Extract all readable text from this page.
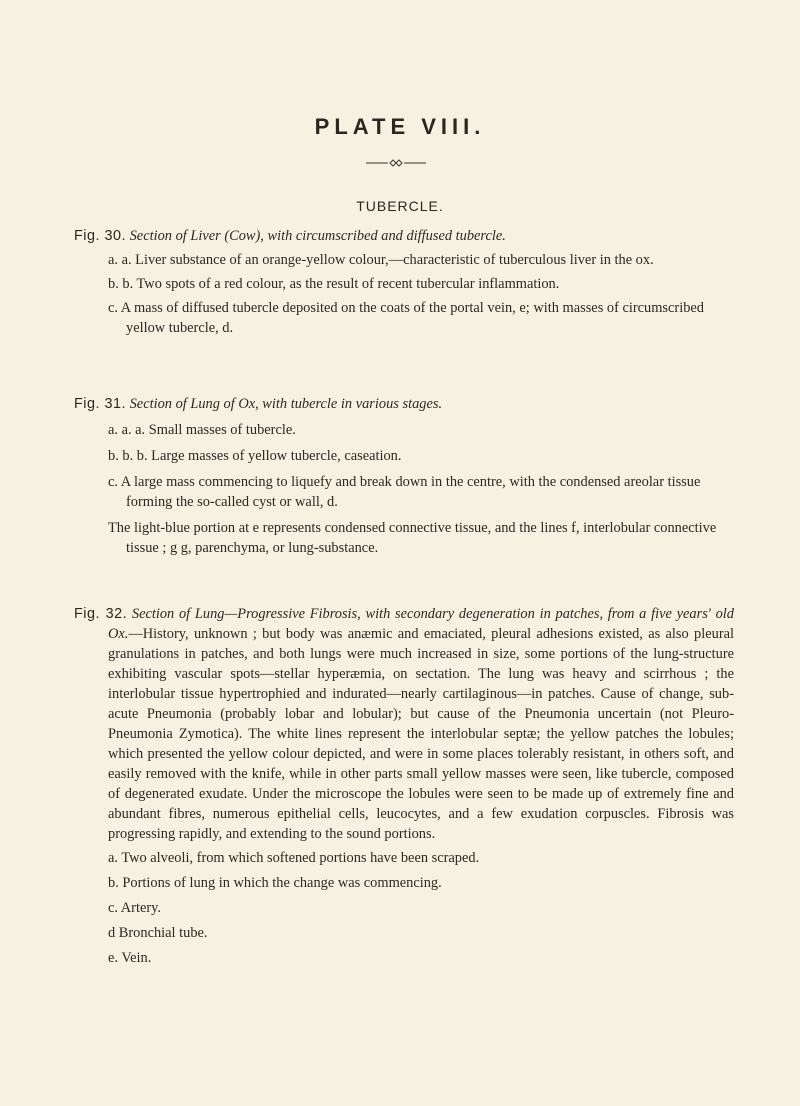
PLATE VIII.
TUBERCLE.
Fig. 30. Section of Liver (Cow), with circumscribed and diffused tubercle.
a. a. Liver substance of an orange-yellow colour,—characteristic of tuberculous liver in the ox.
b. b. Two spots of a red colour, as the result of recent tubercular inflammation.
c. A mass of diffused tubercle deposited on the coats of the portal vein, e; with masses of circumscribed yellow tubercle, d.
Fig. 31. Section of Lung of Ox, with tubercle in various stages.
a. a. a. Small masses of tubercle.
b. b. b. Large masses of yellow tubercle, caseation.
c. A large mass commencing to liquefy and break down in the centre, with the condensed areolar tissue forming the so-called cyst or wall, d.
The light-blue portion at e represents condensed connective tissue, and the lines f, interlobular connective tissue ; g g, parenchyma, or lung-substance.
Fig. 32. Section of Lung—Progressive Fibrosis, with secondary degeneration in patches, from a five years' old Ox.—History, unknown ; but body was anæmic and emaciated, pleural adhesions existed, as also pleural granulations in patches, and both lungs were much increased in size, some portions of the lung-structure exhibiting vascular spots—stellar hyperæmia, on sectation. The lung was heavy and scirrhous ; the interlobular tissue hypertrophied and indurated—nearly cartilaginous—in patches. Cause of change, sub-acute Pneumonia (probably lobar and lobular); but cause of the Pneumonia uncertain (not Pleuro-Pneumonia Zymotica). The white lines represent the interlobular septæ; the yellow patches the lobules; which presented the yellow colour depicted, and were in some places tolerably resistant, in others soft, and easily removed with the knife, while in other parts small yellow masses were seen, like tubercle, composed of degenerated exudate. Under the microscope the lobules were seen to be made up of extremely fine and abundant fibres, numerous epithelial cells, leucocytes, and a few exudation corpuscles. Fibrosis was progressing rapidly, and extending to the sound portions.
a. Two alveoli, from which softened portions have been scraped.
b. Portions of lung in which the change was commencing.
c. Artery.
d Bronchial tube.
e. Vein.
